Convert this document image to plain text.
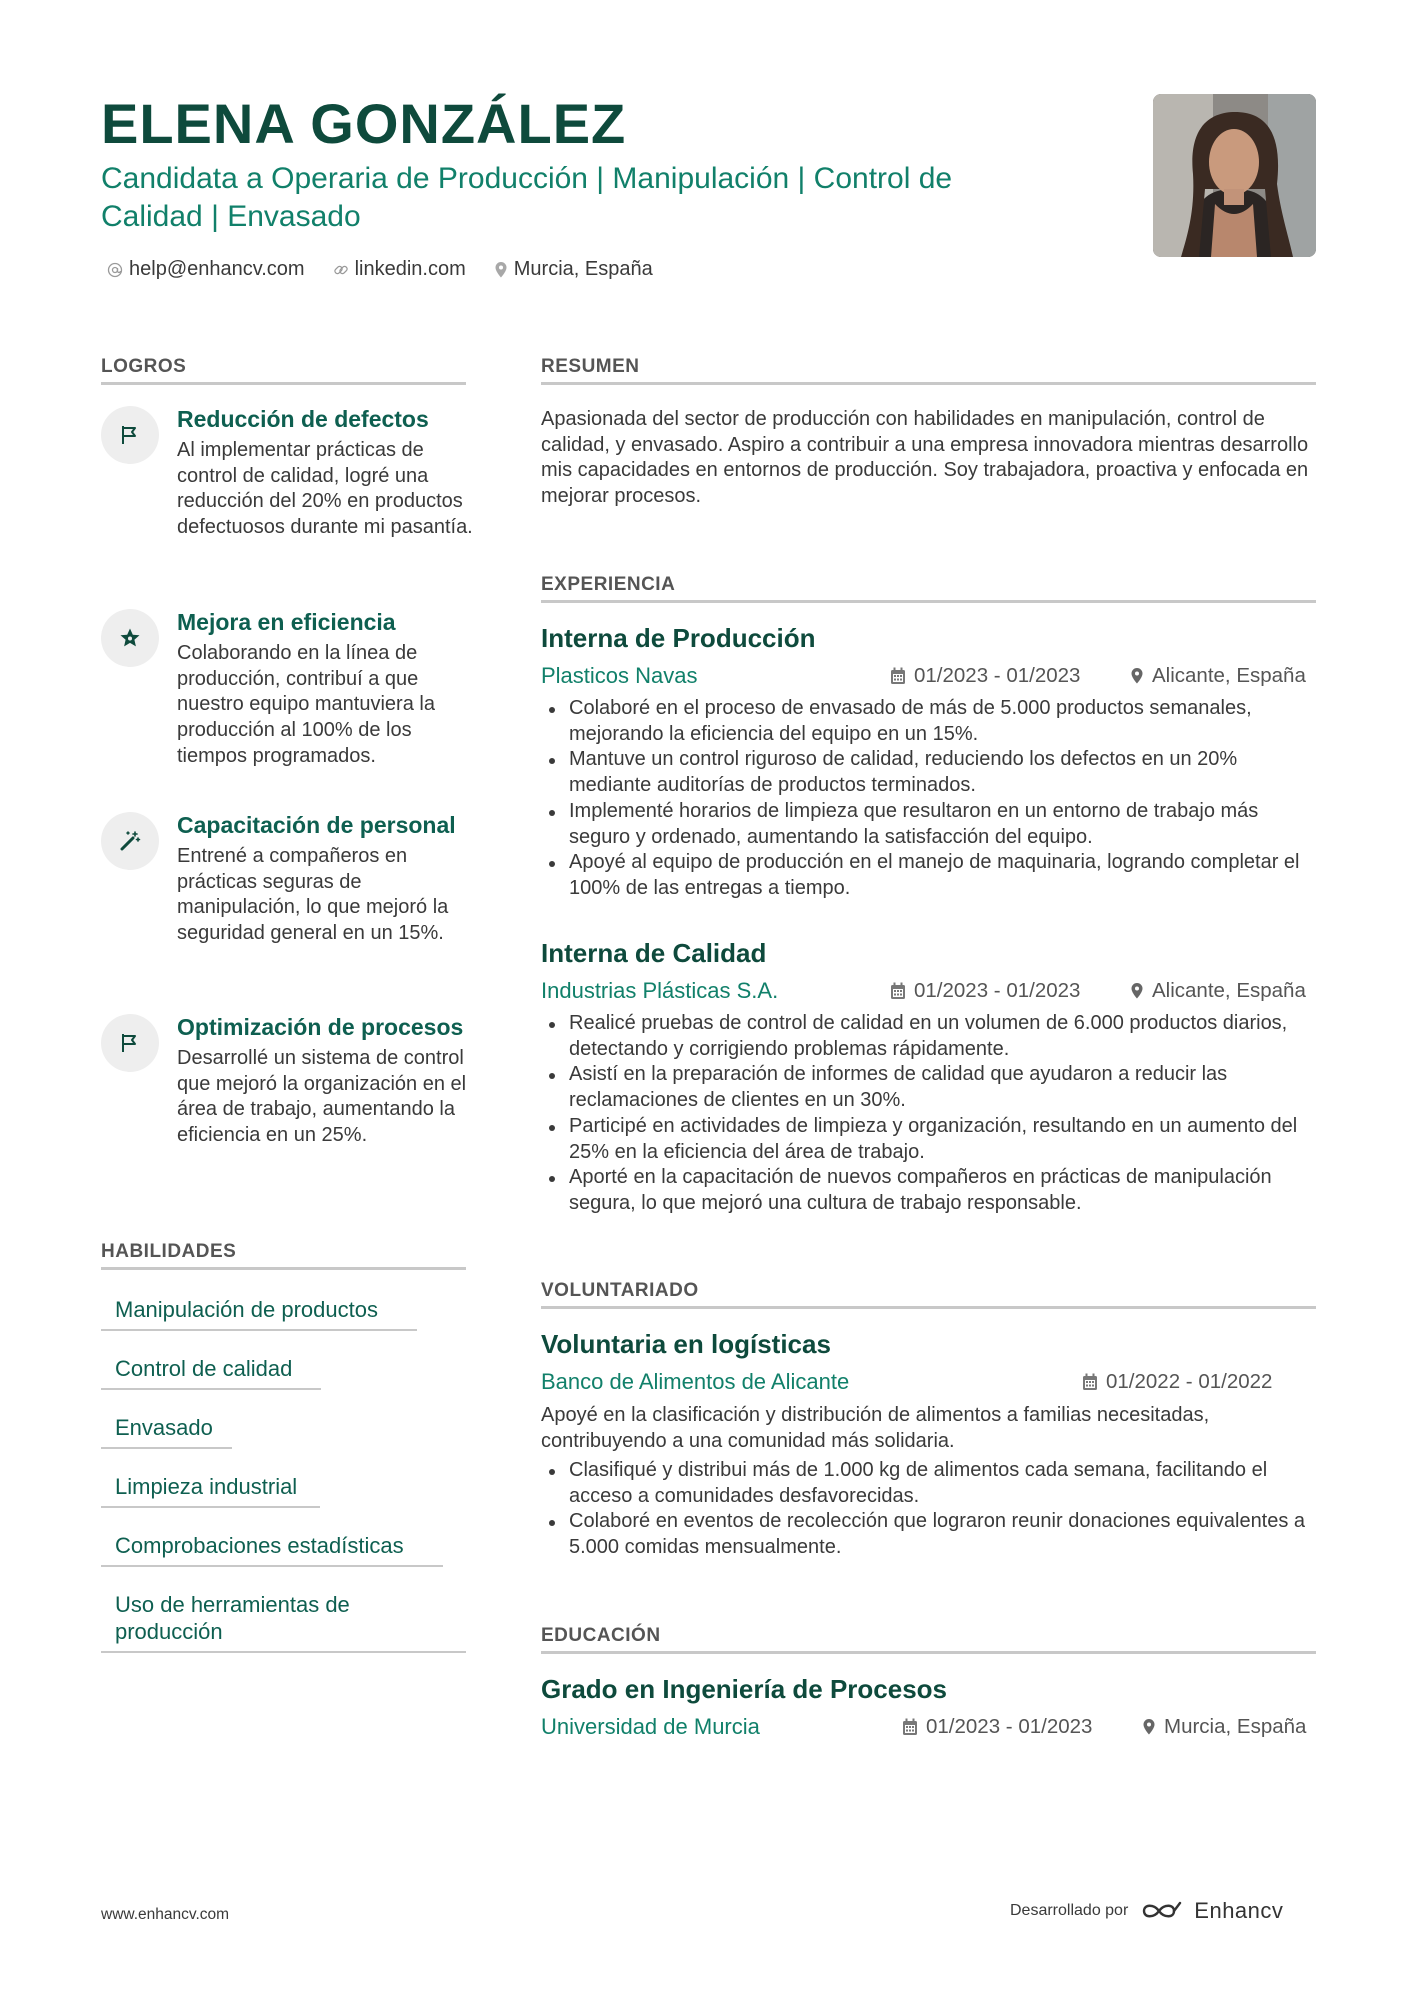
ELENA GONZÁLEZ

Candidata a Operaria de Producción | Manipulación | Control de Calidad | Envasado

help@enhancv.com	linkedin.com Murcia, España
LOGROS
Reducción de defectos

Al implementar prácticas de control de calidad, logré una reducción del 20% en productos defectuosos durante mi pasantía.

Mejora en eficiencia

Colaborando en la línea de producción, contribuí a que nuestro equipo mantuviera la producción al 100% de los tiempos programados.

Capacitación de personal

Entrené a compañeros en prácticas seguras de manipulación, lo que mejoró la seguridad general en un 15%.

Optimización de procesos

Desarrollé un sistema de control que mejoró la organización en el área de trabajo, aumentando la eficiencia en un 25%.

HABILIDADES
Manipulación de productos
Control de calidad
Envasado
Limpieza industrial
Comprobaciones estadísticas
Uso de herramientas de producción
RESUMEN

Apasionada del sector de producción con habilidades en manipulación, control de calidad, y envasado. Aspiro a contribuir a una empresa innovadora mientras desarrollo mis capacidades en entornos de producción. Soy trabajadora, proactiva y enfocada en mejorar procesos.

EXPERIENCIA
Interna de Producción
Plasticos Navas	01/2023 - 01/2023	Alicante, España
Colaboré en el proceso de envasado de más de 5.000 productos semanales, mejorando la eficiencia del equipo en un 15%.
Mantuve un control riguroso de calidad, reduciendo los defectos en un 20% mediante auditorías de productos terminados.
Implementé horarios de limpieza que resultaron en un entorno de trabajo más seguro y ordenado, aumentando la satisfacción del equipo.
Apoyé al equipo de producción en el manejo de maquinaria, logrando completar el 100% de las entregas a tiempo.
Interna de Calidad
Industrias Plásticas S.A.	01/2023 - 01/2023	Alicante, España
Realicé pruebas de control de calidad en un volumen de 6.000 productos diarios, detectando y corrigiendo problemas rápidamente.
Asistí en la preparación de informes de calidad que ayudaron a reducir las reclamaciones de clientes en un 30%.
Participé en actividades de limpieza y organización, resultando en un aumento del 25% en la eficiencia del área de trabajo.
Aporté en la capacitación de nuevos compañeros en prácticas de manipulación segura, lo que mejoró una cultura de trabajo responsable.
VOLUNTARIADO
Voluntaria en logísticas
Banco de Alimentos de Alicante	01/2022 - 01/2022

Apoyé en la clasificación y distribución de alimentos a familias necesitadas, contribuyendo a una comunidad más solidaria.

Clasifiqué y distribui más de 1.000 kg de alimentos cada semana, facilitando el acceso a comunidades desfavorecidas.
Colaboré en eventos de recolección que lograron reunir donaciones equivalentes a 5.000 comidas mensualmente.
EDUCACIÓN
Grado en Ingeniería de Procesos
Universidad de Murcia	01/2023 - 01/2023	Murcia, España
www.enhancv.com	Desarrollado por	Enhancv
